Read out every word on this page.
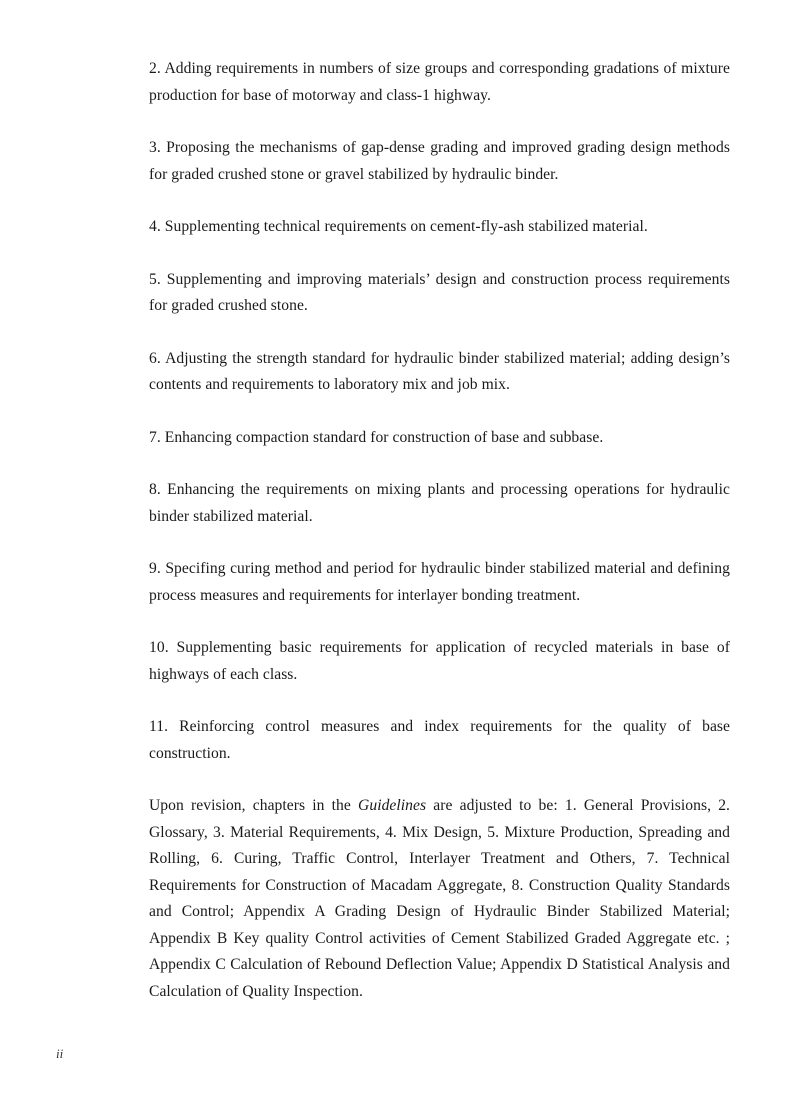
2. Adding requirements in numbers of size groups and corresponding gradations of mixture production for base of motorway and class-1 highway.

3. Proposing the mechanisms of gap-dense grading and improved grading design methods for graded crushed stone or gravel stabilized by hydraulic binder.

4. Supplementing technical requirements on cement-fly-ash stabilized material.

5. Supplementing and improving materials’ design and construction process requirements for graded crushed stone.

6. Adjusting the strength standard for hydraulic binder stabilized material; adding design’s contents and requirements to laboratory mix and job mix.

7. Enhancing compaction standard for construction of base and subbase.

8. Enhancing the requirements on mixing plants and processing operations for hydraulic binder stabilized material.

9. Specifing curing method and period for hydraulic binder stabilized material and defining process measures and requirements for interlayer bonding treatment.

10. Supplementing basic requirements for application of recycled materials in base of highways of each class.

11. Reinforcing control measures and index requirements for the quality of base construction.

Upon revision, chapters in the Guidelines are adjusted to be: 1. General Provisions, 2. Glossary, 3. Material Requirements, 4. Mix Design, 5. Mixture Production, Spreading and Rolling, 6. Curing, Traffic Control, Interlayer Treatment and Others, 7. Technical Requirements for Construction of Macadam Aggregate, 8. Construction Quality Standards and Control; Appendix A Grading Design of Hydraulic Binder Stabilized Material; Appendix B Key quality Control activities of Cement Stabilized Graded Aggregate etc. ; Appendix C Calculation of Rebound Deflection Value; Appendix D Statistical Analysis and Calculation of Quality Inspection.

ii
